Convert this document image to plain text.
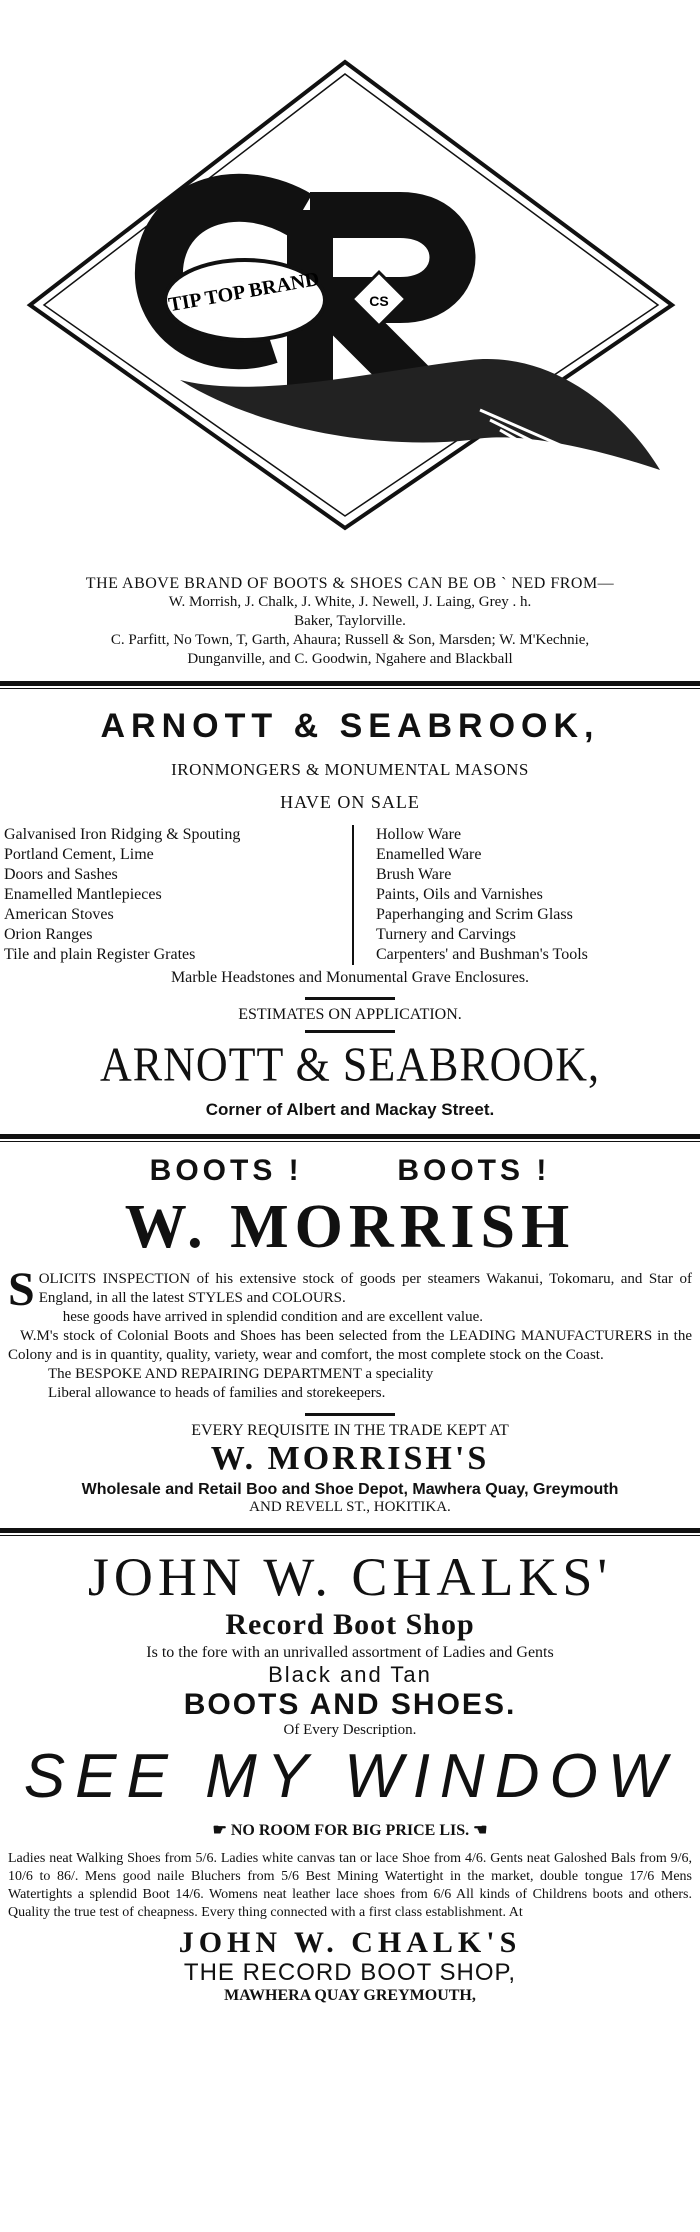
TIP TOP BRAND	CS
THE ABOVE BRAND OF BOOTS & SHOES CAN BE OB ` NED FROM—
W. Morrish, J. Chalk, J. White, J. Newell, J. Laing, Grey . h.
Baker, Taylorville.
C. Parfitt, No Town, T, Garth, Ahaura; Russell & Son, Marsden; W. M'Kechnie,
Dunganville, and C. Goodwin, Ngahere and Blackball
ARNOTT & SEABROOK,
IRONMONGERS & MONUMENTAL MASONS
HAVE ON SALE
Galvanised Iron Ridging & Spouting
Portland Cement, Lime
Doors and Sashes
Enamelled Mantlepieces
American Stoves
Orion Ranges
Tile and plain Register Grates
Hollow Ware
Enamelled Ware
Brush Ware
Paints, Oils and Varnishes
Paperhanging and Scrim Glass
Turnery and Carvings
Carpenters' and Bushman's Tools
Marble Headstones and Monumental Grave Enclosures.
ESTIMATES ON APPLICATION.
ARNOTT & SEABROOK,
Corner of Albert and Mackay Street.
BOOTS !	BOOTS !
W. MORRISH
S OLICITS INSPECTION of his extensive stock of goods per steamers Wakanui, Tokomaru, and Star of England, in all the latest STYLES and COLOURS.
hese goods have arrived in splendid condition and are excellent value.
W.M's stock of Colonial Boots and Shoes has been selected from the LEADING MANUFACTURERS in the Colony and is in quantity, quality, variety, wear and comfort, the most complete stock on the Coast.
The BESPOKE AND REPAIRING DEPARTMENT a speciality
Liberal allowance to heads of families and storekeepers.
EVERY REQUISITE IN THE TRADE KEPT AT
W. MORRISH'S
Wholesale and Retail Boo and Shoe Depot, Mawhera Quay, Greymouth
AND REVELL ST., HOKITIKA.
JOHN W. CHALKS'
Record Boot Shop
Is to the fore with an unrivalled assortment of Ladies and Gents
Black and Tan
BOOTS AND SHOES.
Of Every Description.
SEE MY WINDOW
☛ NO ROOM FOR BIG PRICE LIS. ☚
Ladies neat Walking Shoes from 5/6. Ladies white canvas tan or lace Shoe from 4/6. Gents neat Galoshed Bals from 9/6, 10/6 to 86/. Mens good naile Bluchers from 5/6 Best Mining Watertight in the market, double tongue 17/6 Mens Watertights a splendid Boot 14/6. Womens neat leather lace shoes from 6/6 All kinds of Childrens boots and others. Quality the true test of cheapness. Every thing connected with a first class establishment. At
JOHN W. CHALK'S
THE RECORD BOOT SHOP,
MAWHERA QUAY GREYMOUTH,
